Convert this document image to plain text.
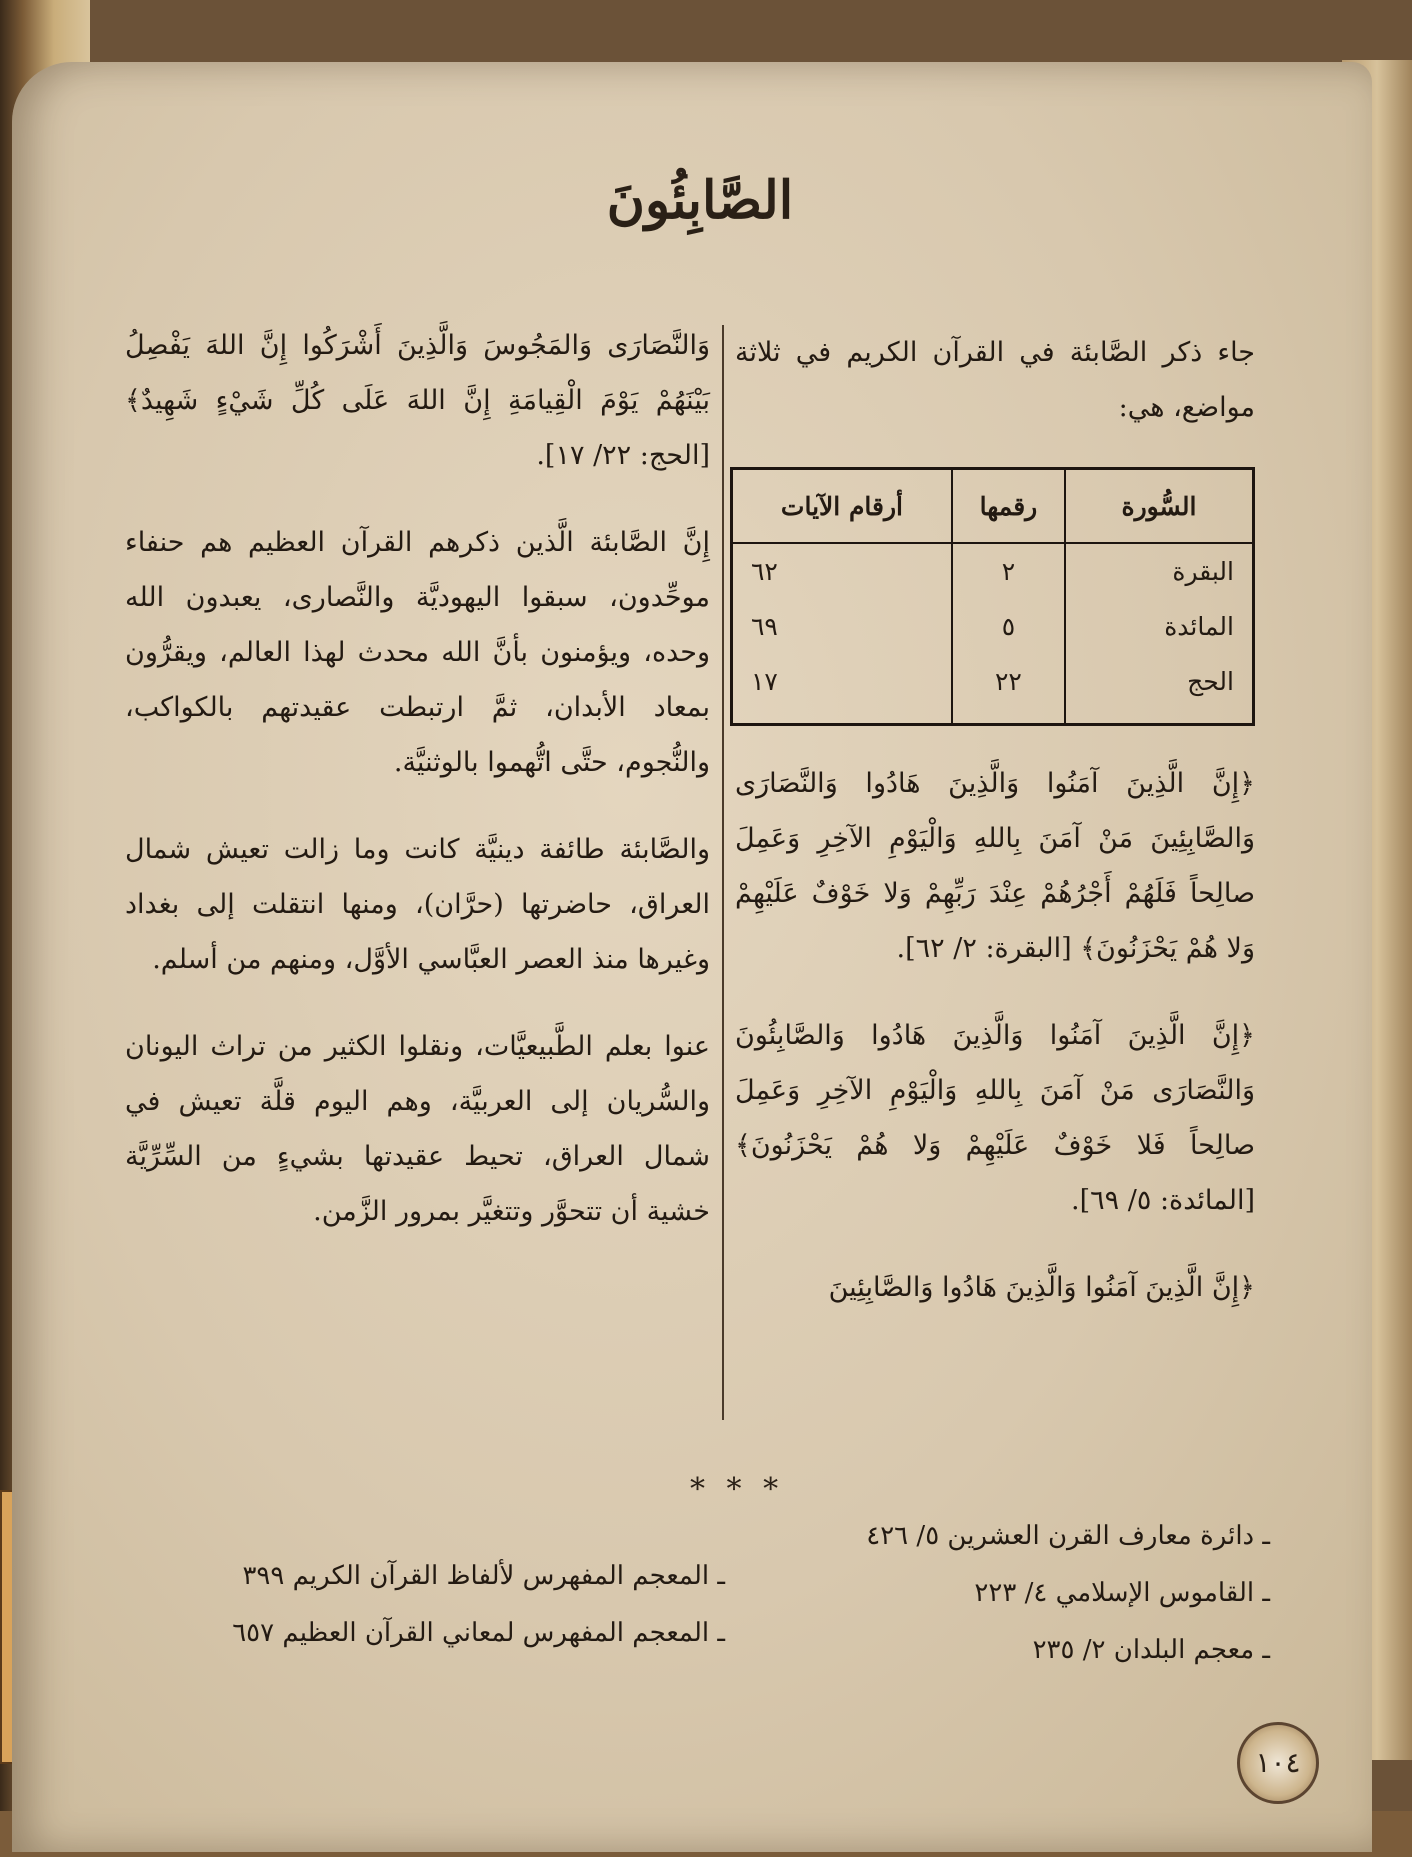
الصَّابِئُونَ

جاء ذكر الصَّابئة في القرآن الكريم في ثلاثة مواضع، هي:

السُّورة	رقمها	أرقام الآيات
البقرة	٢	٦٢
المائدة	٥	٦٩
الحج	٢٢	١٧

﴿إِنَّ الَّذِينَ آمَنُوا وَالَّذِينَ هَادُوا وَالنَّصَارَى وَالصَّابِئِينَ مَنْ آمَنَ بِاللهِ وَالْيَوْمِ الآخِرِ وَعَمِلَ صالِحاً فَلَهُمْ أَجْرُهُمْ عِنْدَ رَبِّهِمْ وَلا خَوْفٌ عَلَيْهِمْ وَلا هُمْ يَحْزَنُونَ﴾ [البقرة: ٢/ ٦٢].

﴿إِنَّ الَّذِينَ آمَنُوا وَالَّذِينَ هَادُوا وَالصَّابِئُونَ وَالنَّصَارَى مَنْ آمَنَ بِاللهِ وَالْيَوْمِ الآخِرِ وَعَمِلَ صالِحاً فَلا خَوْفٌ عَلَيْهِمْ وَلا هُمْ يَحْزَنُونَ﴾ [المائدة: ٥/ ٦٩].

﴿إِنَّ الَّذِينَ آمَنُوا وَالَّذِينَ هَادُوا وَالصَّابِئِينَ

وَالنَّصَارَى وَالمَجُوسَ وَالَّذِينَ أَشْرَكُوا إِنَّ اللهَ يَفْصِلُ بَيْنَهُمْ يَوْمَ الْقِيامَةِ إِنَّ اللهَ عَلَى كُلِّ شَيْءٍ شَهِيدٌ﴾ [الحج: ٢٢/ ١٧].

إِنَّ الصَّابئة الَّذين ذكرهم القرآن العظيم هم حنفاء موحِّدون، سبقوا اليهوديَّة والنَّصارى، يعبدون الله وحده، ويؤمنون بأنَّ الله محدث لهذا العالم، ويقرُّون بمعاد الأبدان، ثمَّ ارتبطت عقيدتهم بالكواكب، والنُّجوم، حتَّى اتُّهموا بالوثنيَّة.

والصَّابئة طائفة دينيَّة كانت وما زالت تعيش شمال العراق، حاضرتها (حرَّان)، ومنها انتقلت إلى بغداد وغيرها منذ العصر العبَّاسي الأوَّل، ومنهم من أسلم.

عنوا بعلم الطَّبيعيَّات، ونقلوا الكثير من تراث اليونان والسُّريان إلى العربيَّة، وهم اليوم قلَّة تعيش في شمال العراق، تحيط عقيدتها بشيءٍ من السِّرِّيَّة خشية أن تتحوَّر وتتغيَّر بمرور الزَّمن.

* * *
ـ دائرة معارف القرن العشرين ٥/ ٤٢٦
ـ القاموس الإسلامي ٤/ ٢٢٣
ـ معجم البلدان ٢/ ٢٣٥
ـ المعجم المفهرس لألفاظ القرآن الكريم ٣٩٩
ـ المعجم المفهرس لمعاني القرآن العظيم ٦٥٧
١٠٤
